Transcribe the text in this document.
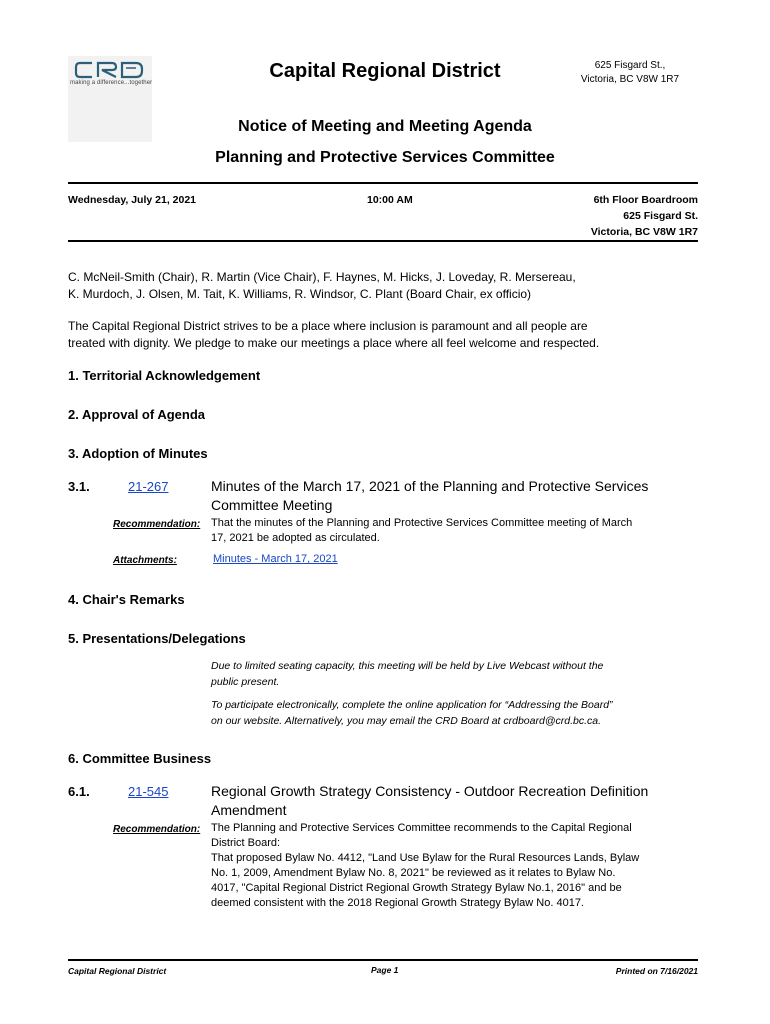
making a difference...together
Capital Regional District	625 Fisgard St.,
Victoria, BC V8W 1R7
Notice of Meeting and Meeting Agenda
Planning and Protective Services Committee
Wednesday, July 21, 2021	10:00 AM	6th Floor Boardroom
625 Fisgard St.
Victoria, BC V8W 1R7
C. McNeil-Smith (Chair), R. Martin (Vice Chair), F. Haynes, M. Hicks, J. Loveday, R. Mersereau,
K. Murdoch, J. Olsen, M. Tait, K. Williams, R. Windsor, C. Plant (Board Chair, ex officio)
The Capital Regional District strives to be a place where inclusion is paramount and all people are
treated with dignity. We pledge to make our meetings a place where all feel welcome and respected.
1. Territorial Acknowledgement
2. Approval of Agenda
3. Adoption of Minutes
3.1.	21-267	Minutes of the March 17, 2021 of the Planning and Protective Services
Committee Meeting
Recommendation: That the minutes of the Planning and Protective Services Committee meeting of March
17, 2021 be adopted as circulated.
Attachments:	Minutes - March 17, 2021
4. Chair's Remarks
5. Presentations/Delegations
Due to limited seating capacity, this meeting will be held by Live Webcast without the
public present.
To participate electronically, complete the online application for “Addressing the Board”
on our website. Alternatively, you may email the CRD Board at crdboard@crd.bc.ca.
6. Committee Business
6.1.	21-545	Regional Growth Strategy Consistency - Outdoor Recreation Definition
Amendment
Recommendation: The Planning and Protective Services Committee recommends to the Capital Regional
District Board:
That proposed Bylaw No. 4412, "Land Use Bylaw for the Rural Resources Lands, Bylaw
No. 1, 2009, Amendment Bylaw No. 8, 2021" be reviewed as it relates to Bylaw No.
4017, "Capital Regional District Regional Growth Strategy Bylaw No.1, 2016" and be
deemed consistent with the 2018 Regional Growth Strategy Bylaw No. 4017.
Capital Regional District	Page 1	Printed on 7/16/2021
